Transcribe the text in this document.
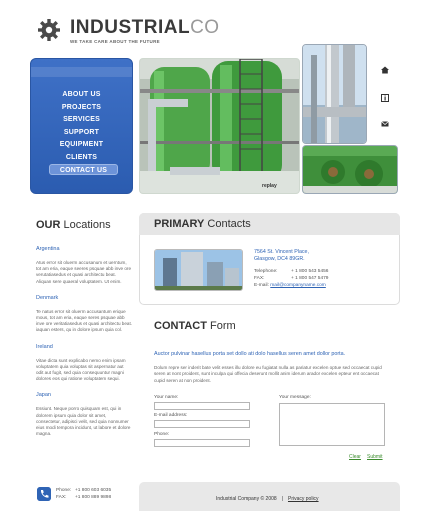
INDUSTRIALCO
WE TAKE CARE ABOUT THE FUTURE
ABOUT US
PROJECTS
SERVICES
SUPPORT
EQUIPMENT
CLIENTS
CONTACT US
replay
OUR Locations
Argentina
Atus error sit oluerm accusanum et uerntum, tot am eria, eaque seeres psquae abb inve ore verutatiasedus et quasi architectu beat. Aliquan sere quaeral voluptatem. Ut enim.
Denmark
Te natus error sit oluerm accusantum erique mous, tot am eria, eaque seres psquae abb inve ore veritatiasedus et quasi architectu beat. iaquan esters, qu in dolore ipsum quia col.
Ireland
Vitae dicta sunt explicabo nemo enim ipsam voluptatem quia voluptas sit aspernatur aut odit aut fugit, sed quia consequuntur magni dolores eos qui ratione voluptatem sequi.
Japan
Essiunt. Neque porro quisquam est, qui in dolorem ipsum quia dolor sit amet, consectetur, adipisci velit, sed quia nonnumer eius modi tempora incidunt, ut labore et dolore magna.
PRIMARY Contacts
7564 St. Vincent Place,
Glasgow, DC4 89GR.
Telephone:	+ 1 800 543 5456
FAX:	+ 1 800 547 5479
E-mail: mail@companyname.com
CONTACT Form
Auctor pulvinar hasellus porta set dollo ati dolo hasellus seren amet dollor porta.
Dolum repre ser inderit bate velit esses illu dolore eu fugiatat nulla as pariatur excelen optue sed occaecat cupid seren at nont proident, sunt inculpa qui offecia deserunt mollit anim iderum arador excelen epteur ent occaecat cupid seren at non proident.
Your name:
E-mail address:
Phone:
Your message:
Clear Submit
Phone: +1 800 603 6035
FAX: +1 800 889 9898	Industrial Company © 2008 | Privacy policy
